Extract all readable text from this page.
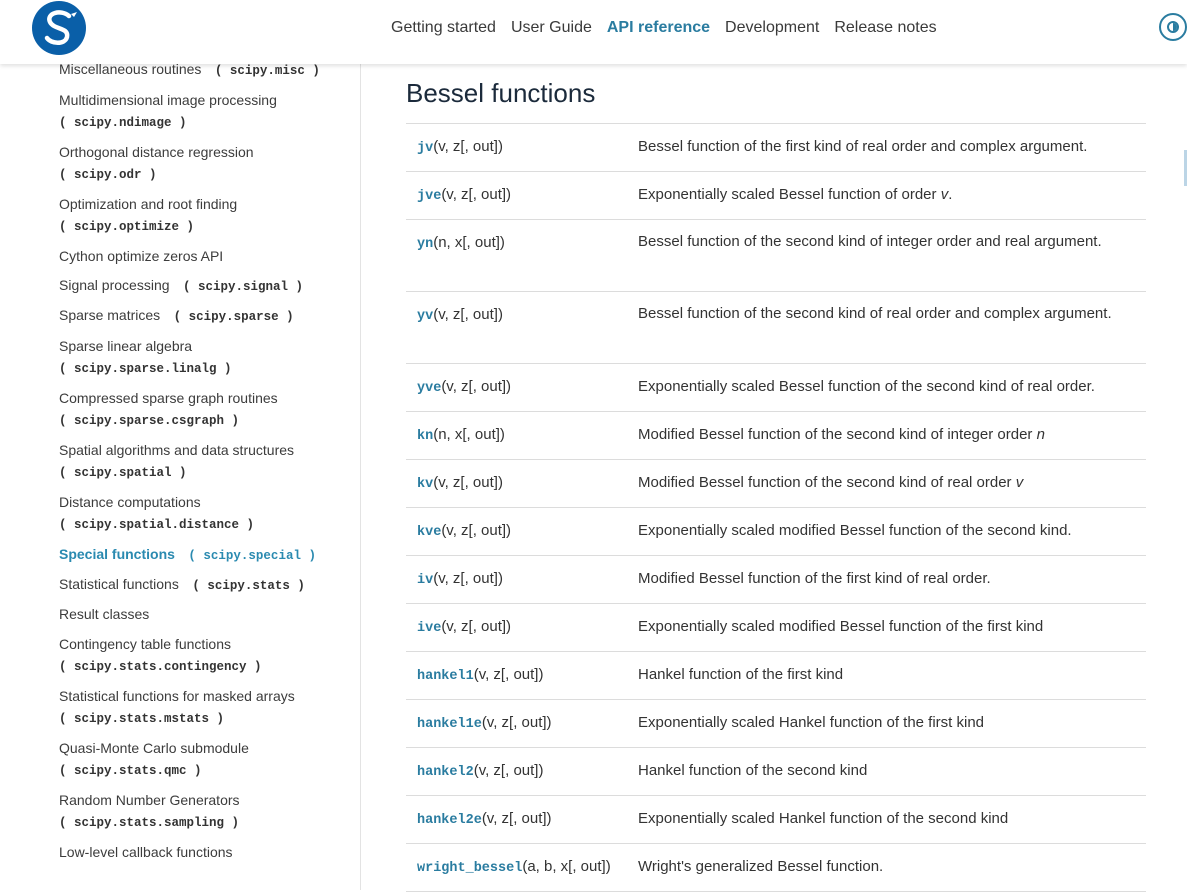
Getting started User Guide API reference Development Release notes
Miscellaneous routines ( scipy.misc )
Multidimensional image processing
( scipy.ndimage )
Orthogonal distance regression
( scipy.odr )
Optimization and root finding
( scipy.optimize )
Cython optimize zeros API
Signal processing ( scipy.signal )
Sparse matrices ( scipy.sparse )
Sparse linear algebra
( scipy.sparse.linalg )
Compressed sparse graph routines
( scipy.sparse.csgraph )
Spatial algorithms and data structures
( scipy.spatial )
Distance computations
( scipy.spatial.distance )
Special functions ( scipy.special )
Statistical functions ( scipy.stats )
Result classes
Contingency table functions
( scipy.stats.contingency )
Statistical functions for masked arrays
( scipy.stats.mstats )
Quasi-Monte Carlo submodule
( scipy.stats.qmc )
Random Number Generators
( scipy.stats.sampling )
Low-level callback functions
Bessel functions
jv(v, z[, out])	Bessel function of the first kind of real order and complex argument.
jve(v, z[, out])	Exponentially scaled Bessel function of order v.
yn(n, x[, out])	Bessel function of the second kind of integer order and real argument.
yv(v, z[, out])	Bessel function of the second kind of real order and complex argument.
yve(v, z[, out])	Exponentially scaled Bessel function of the second kind of real order.
kn(n, x[, out])	Modified Bessel function of the second kind of integer order n
kv(v, z[, out])	Modified Bessel function of the second kind of real order v
kve(v, z[, out])	Exponentially scaled modified Bessel function of the second kind.
iv(v, z[, out])	Modified Bessel function of the first kind of real order.
ive(v, z[, out])	Exponentially scaled modified Bessel function of the first kind
hankel1(v, z[, out])	Hankel function of the first kind
hankel1e(v, z[, out])	Exponentially scaled Hankel function of the first kind
hankel2(v, z[, out])	Hankel function of the second kind
hankel2e(v, z[, out])	Exponentially scaled Hankel function of the second kind
wright_bessel(a, b, x[, out]) Wright's generalized Bessel function.
